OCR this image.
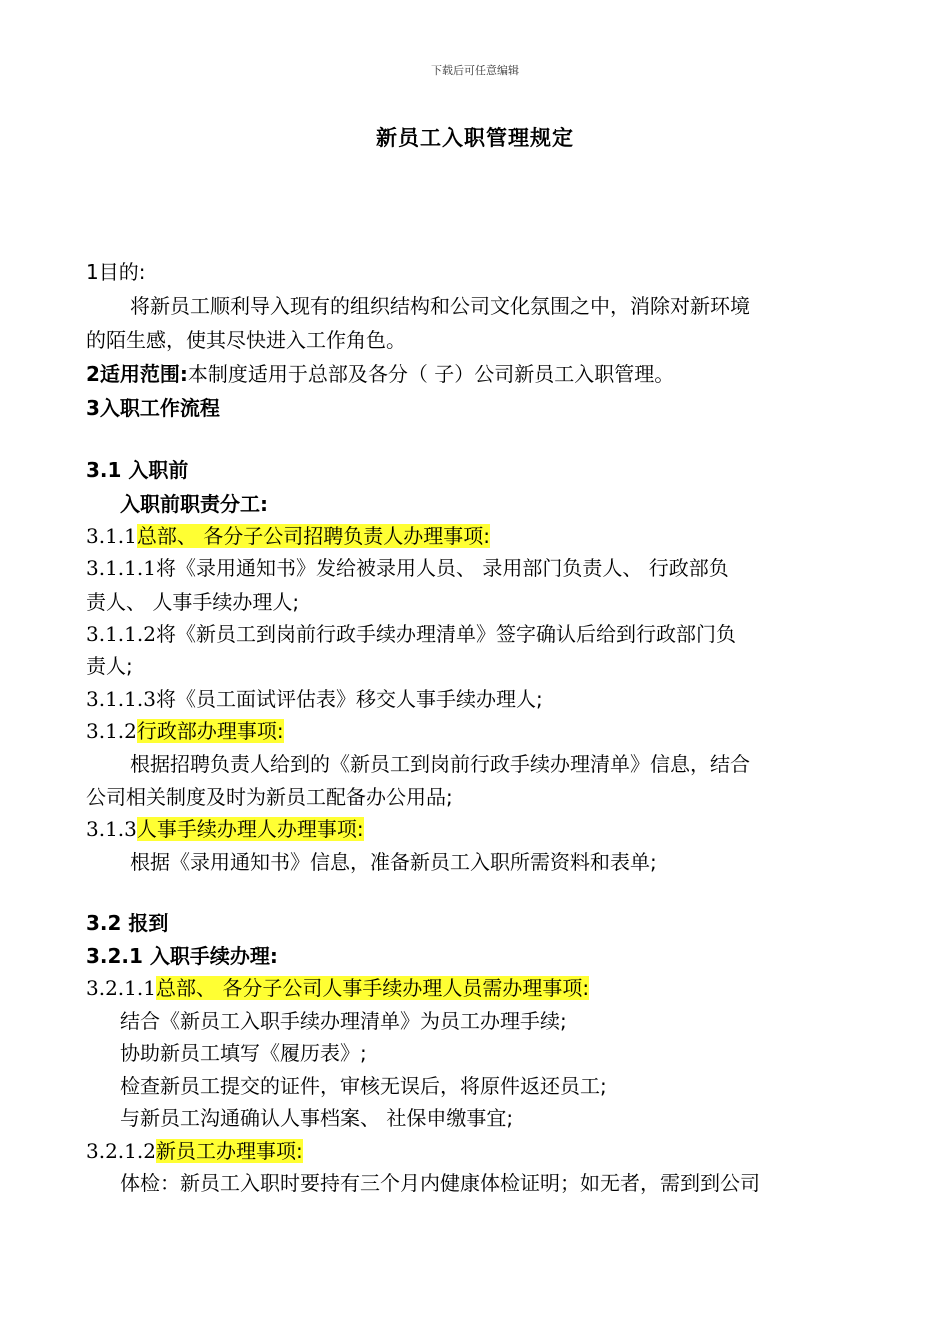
下载后可任意编辑
新员工入职管理规定
1目的:
将新员工顺利导入现有的组织结构和公司文化氛围之中，消除对新环境
的陌生感，使其尽快进入工作角色。
2适用范围:本制度适用于总部及各分（ 子）公司新员工入职管理。
3入职工作流程
3.1 入职前
入职前职责分工:
3.1.1总部、 各分子公司招聘负责人办理事项:
3.1.1.1将《录用通知书》发给被录用人员、 录用部门负责人、 行政部负
责人、 人事手续办理人;
3.1.1.2将《新员工到岗前行政手续办理清单》签字确认后给到行政部门负
责人;
3.1.1.3将《员工面试评估表》移交人事手续办理人;
3.1.2行政部办理事项:
根据招聘负责人给到的《新员工到岗前行政手续办理清单》信息，结合
公司相关制度及时为新员工配备办公用品;
3.1.3人事手续办理人办理事项:
根据《录用通知书》信息，准备新员工入职所需资料和表单;
3.2 报到
3.2.1 入职手续办理:
3.2.1.1总部、 各分子公司人事手续办理人员需办理事项:
结合《新员工入职手续办理清单》为员工办理手续;
协助新员工填写《履历表》;
检查新员工提交的证件，审核无误后，将原件返还员工;
与新员工沟通确认人事档案、 社保申缴事宜;
3.2.1.2新员工办理事项:
体检：新员工入职时要持有三个月内健康体检证明；如无者，需到到公司
